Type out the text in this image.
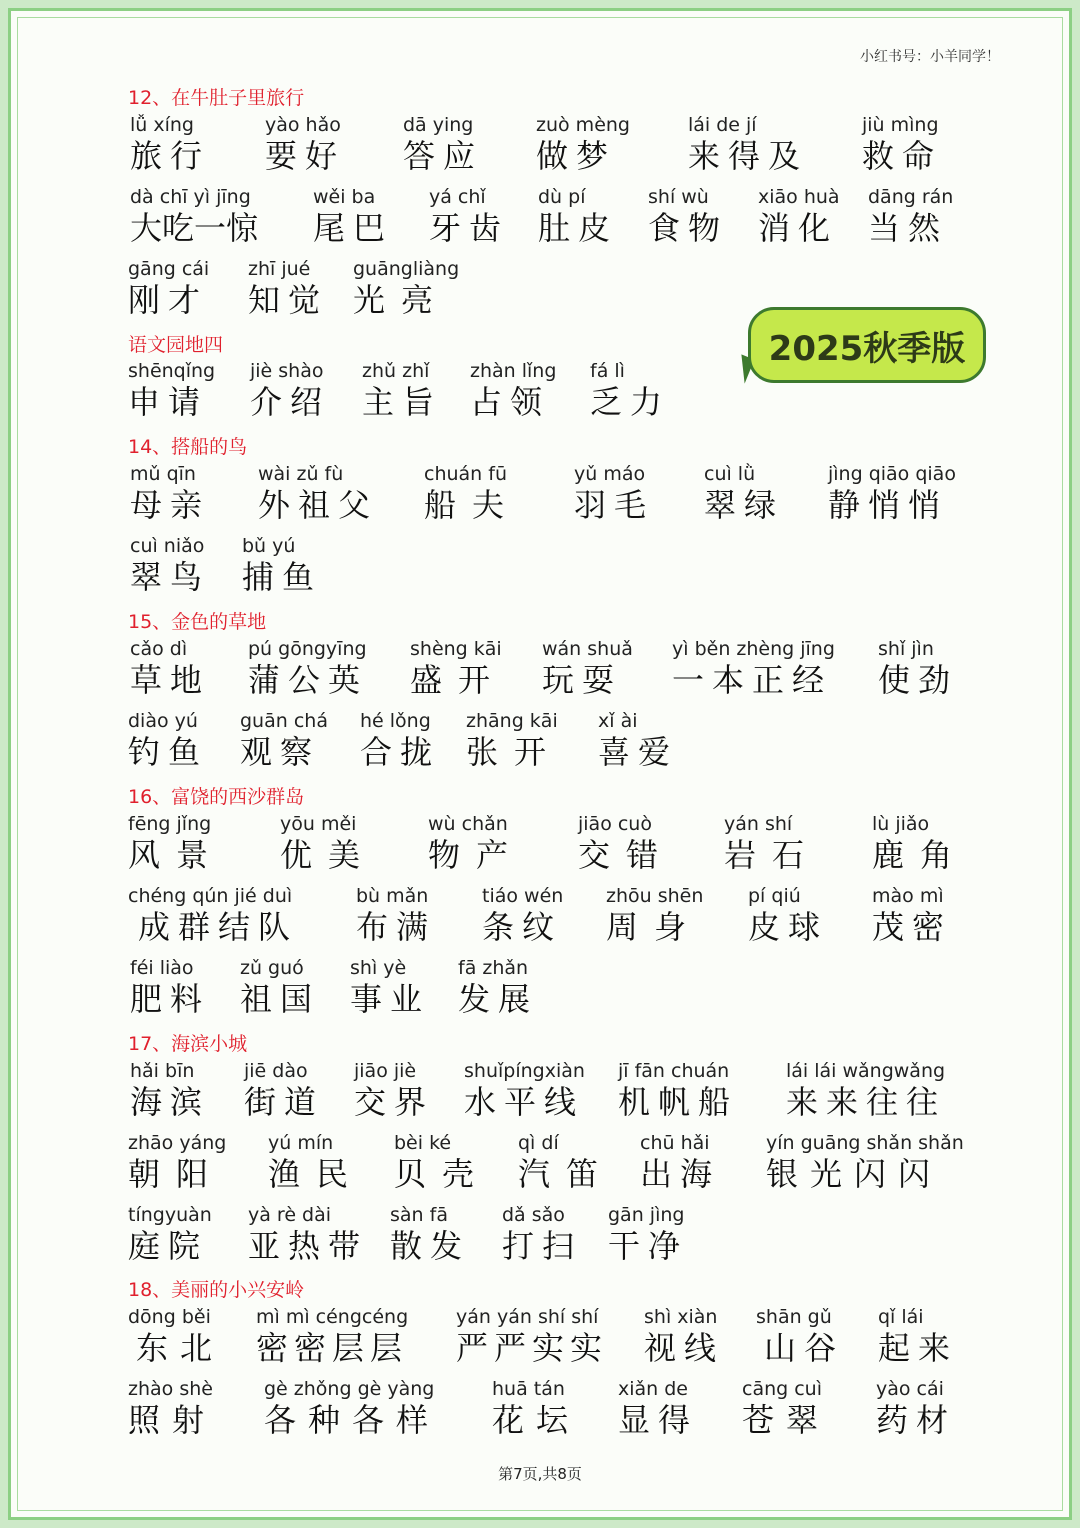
小红书号：小羊同学！
2025秋季版
12、在牛肚子里旅行
lǚ xíng
旅行
yào hǎo
要好
dā ying
答应
zuò mèng
做梦
lái de jí
来得及
jiù mìng
救命
dà chī yì jīng
大吃一惊
wěi ba
尾巴
yá chǐ
牙齿
dù pí
肚皮
shí wù
食物
xiāo huà
消化
dāng rán
当然
gāng cái
刚才
zhī jué
知觉
guāngliàng
光亮
语文园地四
shēnqǐng
申请
jiè shào
介绍
zhǔ zhǐ
主旨
zhàn lǐng
占领
fá lì
乏力
14、搭船的鸟
mǔ qīn
母亲
wài zǔ fù
外祖父
chuán fū
船夫
yǔ máo
羽毛
cuì lǜ
翠绿
jìng qiāo qiāo
静悄悄
cuì niǎo
翠鸟
bǔ yú
捕鱼
15、金色的草地
cǎo dì
草地
pú gōngyīng
蒲公英
shèng kāi
盛开
wán shuǎ
玩耍
yì běn zhèng jīng
一本正经
shǐ jìn
使劲
diào yú
钓鱼
guān chá
观察
hé lǒng
合拢
zhāng kāi
张开
xǐ ài
喜爱
16、富饶的西沙群岛
fēng jǐng
风景
yōu měi
优美
wù chǎn
物产
jiāo cuò
交错
yán shí
岩石
lù jiǎo
鹿角
chéng qún jié duì
成群结队
bù mǎn
布满
tiáo wén
条纹
zhōu shēn
周身
pí qiú
皮球
mào mì
茂密
féi liào
肥料
zǔ guó
祖国
shì yè
事业
fā zhǎn
发展
17、海滨小城
hǎi bīn
海滨
jiē dào
街道
jiāo jiè
交界
shuǐpíngxiàn
水平线
jī fān chuán
机帆船
lái lái wǎngwǎng
来来往往
zhāo yáng
朝阳
yú mín
渔民
bèi ké
贝壳
qì dí
汽笛
chū hǎi
出海
yín guāng shǎn shǎn
银光闪闪
tíngyuàn
庭院
yà rè dài
亚热带
sàn fā
散发
dǎ sǎo
打扫
gān jìng
干净
18、美丽的小兴安岭
dōng běi
东北
mì mì céngcéng
密密层层
yán yán shí shí
严严实实
shì xiàn
视线
shān gǔ
山谷
qǐ lái
起来
zhào shè
照射
gè zhǒng gè yàng
各种各样
huā tán
花坛
xiǎn de
显得
cāng cuì
苍翠
yào cái
药材
第7页,共8页
